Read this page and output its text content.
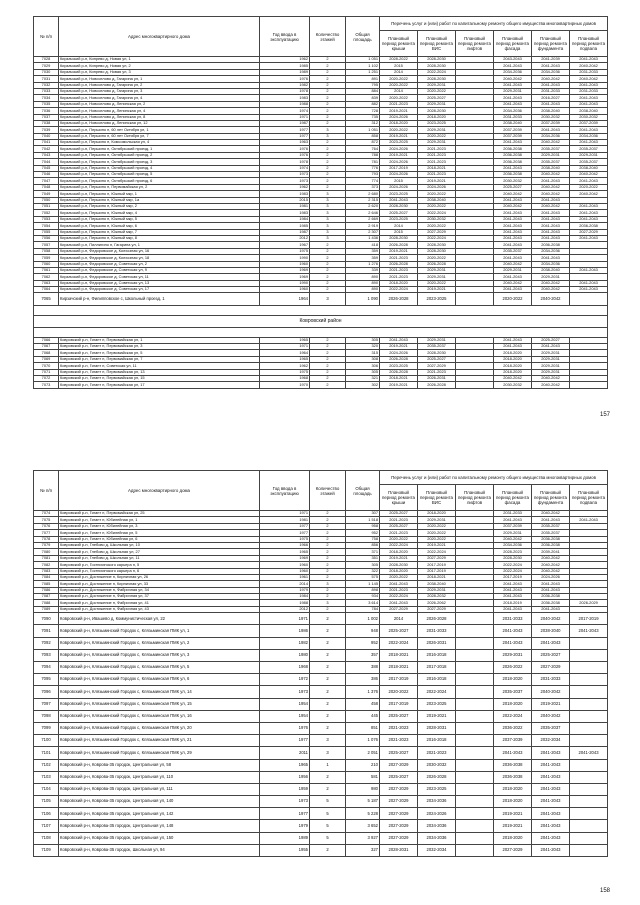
№ п/п	Адрес многоквартирного дома	Год ввода в эксплуатацию	Количество этажей	Общая площадь	Перечень услуг и (или) работ по капитальному ремонту общего имущества многоквартирных домов					
					Плановый период ремонта крыши	Плановый период ремонта ВИС	Плановый период ремонта лифтов	Плановый период ремонта фасада	Плановый период ремонта фундамента	Плановый период ремонта подвала
7028	Кирзачский р-н, Кипрево д, Новая ул, 1	1962	2	1 051	2028-2022	2028-2030		2043-2043	2041-2039	2041-2043
7029	Кирзачский р-н, Кипрево д, Новая ул, 2	1985	2	1 102	2015	2028-2030		2041-2043	2041-2043	2040-2042
7030	Кирзачский р-н, Кипрево д, Новая ул, 3	1989	2	1 251	2014	2022-2024		2034-2036	2034-2036	2031-2033
7031	Кирзачский р-н, Новоселово д, Гагарина ул, 1	1976	2	891	2020-2022	2028-2030		2040-2042	2040-2042	2040-2042
7032	Кирзачский р-н, Новоселово д, Гагарина ул, 2	1982	2	795	2020-2022	2029-2031		2041-2043	2041-2043	2041-2043
7033	Кирзачский р-н, Новоселово д, Гагарина ул, 3	1978	2	884	2014	2020-2022		2029-2031	2031-2033	2031-2033
7034	Кирзачский р-н, Новоселово д, Гагарина ул, 4	1983	2	839	2020-2022	2025-2027		2041-2043	2016-2027	2041-2043
7035	Кирзачский р-н, Новоселово д, Ленинская ул, 2	1988	2	882	2021-2023	2029-2031		2041-2043	2041-2043	2041-2043
7036	Кирзачский р-н, Новоселово д, Ленинская ул, 4	1974	2	728	2019-2021	2028-2030		2034-2036	2038-2040	2038-2040
7037	Кирзачский р-н, Новоселово д, Ленинская ул, 8	1971	2	735	2024-2026	2018-2020		2031-2033	2030-2032	2030-2032
7038	Кирзачский р-н, Новоселово д, Ленинская ул, 12	1987	2	312	2018-2020	2023-2025		2038-2040	2037-2039	2037-2039
7039	Кирзачский р-н, Першино п, 60 лет Октября ул, 1	1977	3	1 051	2020-2022	2029-2031		2037-2039	2041-2043	2041-2043
7040	Кирзачский р-н, Першино п, 60 лет Октября ул, 7	1977	3	858	2019-2021	2020-2022		2037-2039	2034-2036	2034-2036
7041	Кирзачский р-н, Першино п, Комсомольская ул, 4	1963	2	872	2023-2025	2029-2031		2041-2043	2040-2042	2041-2043
7042	Кирзачский р-н, Першино п, Октябрьский проезд, 1	1976	2	764	2024-2026	2021-2023		2036-2038	2035-2037	2035-2037
7043	Кирзачский р-н, Першино п, Октябрьский проезд, 2	1976	2	788	2019-2021	2021-2023		2036-2038	2029-2031	2029-2031
7044	Кирзачский р-н, Першино п, Октябрьский проезд, 3	1978	2	781	2024-2026	2021-2023		2036-2038	2035-2037	2035-2037
7045	Кирзачский р-н, Першино п, Октябрьский проезд, 4	1974	2	776	2017-2019	2018-2021		2041-2043	2038-2040	2038-2040
7046	Кирзачский р-н, Першино п, Октябрьский проезд, 5	1973	2	793	2024-2026	2021-2023		2036-2038	2040-2042	2040-2042
7047	Кирзачский р-н, Першино п, Октябрьский проезд, 6	1973	2	774	2015	2019-2021		2030-2032	2041-2043	2041-2043
7048	Кирзачский р-н, Першино п, Первомайская ул, 2	1962	2	373	2024-2026	2024-2026		2025-2027	2040-2042	2020-2022
7049	Кирзачский р-н, Першино п, Южный мкр, 1	1983	3	2 680	2023-2025	2020-2022		2040-2042	2040-2042	2040-2042
7050	Кирзачский р-н, Першино п, Южный мкр, 1а	2015	3	2 315	2041-2043	2038-2040		2041-2043	2041-2043	
7051	Кирзачский р-н, Першино п, Южный мкр, 2	1981	3	2 620	2028-2030	2020-2022		2040-2042	2040-2042	2041-2043
7052	Кирзачский р-н, Першино п, Южный мкр, 4	1983	3	2 646	2025-2027	2022-2024		2041-2043	2041-2043	2041-2043
7053	Кирзачский р-н, Першино п, Южный мкр, 5	1984	3	2 669	2023-2025	2030-2032		2041-2043	2041-2043	2041-2043
7054	Кирзачский р-н, Першино п, Южный мкр, 6	1985	3	2 919	2014	2020-2022		2041-2043	2041-2043	2036-2038
7055	Кирзачский р-н, Першино п, Южный мкр, 7	1987	3	2 307	2015	2027-2029		2041-2043	2041-2043	2027-2029
7056	Кирзачский р-н, Першино п, Южный мкр, 8	2012	3	1 436	2028-2030	2022-2024		2041-2043	2041-2043	2041-2043
7057	Кирзачский р-н, Пиллигино п, Гагарина ул, 1	1967	2	418	2026-2028	2028-2030		2041-2043	2036-2038	
7058	Кирзачский р-н, Федоровское д, Колхозная ул, 16	1975	2	359	2019-2021	2028-2030		2035-2037	2034-2036	
7059	Кирзачский р-н, Федоровское д, Колхозная ул, 18	1990	2	359	2021-2023	2020-2022		2041-2043	2041-2043	
7060	Кирзачский р-н, Федоровское д, Советская ул, 2	1960	2	1 276	2026-2028	2026-2028		2040-2042	2034-2036	
7061	Кирзачский р-н, Федоровское д, Советская ул, 9	1969	2	339	2021-2023	2029-2031		2029-2031	2038-2040	2041-2043
7062	Кирзачский р-н, Федоровское д, Советская ул, 11	1969	2	890	2021-2023	2029-2031		2041-2043	2029-2031	
7063	Кирзачский р-н, Федоровское д, Советская ул, 13	1990	2	890	2018-2020	2020-2022		2040-2042	2040-2042	2041-2043
7064	Кирзачский р-н, Федоровское д, Советская ул, 17	1960	2	890	2022-2024	2019-2021		2041-2043	2040-2042	2041-2043
7065	Кирзачский р-н, Филипповское с, Школьный проезд, 1	1964	3	1 090	2026-2028	2023-2025		2020-2022	2040-2042	

Ковровский район										

7066	Ковровский р-н, Гигант п, Первомайская ул, 1	1965	2	305	2041-2043	2029-2031		2041-2043	2025-2027	
7067	Ковровский р-н, Гигант п, Первомайская ул, 3	1971	2	320	2019-2021	2035-2037		2041-2043	2041-2043	
7068	Ковровский р-н, Гигант п, Первомайская ул, 5	1964	2	315	2024-2026	2028-2030		2018-2020	2029-2031	
7069	Ковровский р-н, Гигант п, Первомайская ул, 7	1965	2	308	2026-2028	2025-2027		2018-2020	2029-2031	
7070	Ковровский р-н, Гигант п, Советская ул, 11	1962	2	306	2023-2025	2027-2029		2018-2020	2029-2031	
7071	Ковровский р-н, Гигант п, Первомайская ул, 13	1975	2	305	2026-2028	2021-2023		2018-2020	2029-2031	
7072	Ковровский р-н, Гигант п, Первомайская ул, 15	1968	2	321	2018-2021	2026-2031		2040-2042	2040-2042	
7073	Ковровский р-н, Гигант п, Первомайская ул, 17	1970	2	302	2019-2021	2026-2028		2030-2032	2040-2042	
157
№ п/п	Адрес многоквартирного дома	Год ввода в эксплуатацию	Количество этажей	Общая площадь	Перечень услуг и (или) работ по капитальному ремонту общего имущества многоквартирных домов					
					Плановый период ремонта крыши	Плановый период ремонта ВИС	Плановый период ремонта лифтов	Плановый период ремонта фасада	Плановый период ремонта фундамента	Плановый период ремонта подвала
7074	Ковровский р-н, Гигант п, Первомайская ул, 25	1971	2	307	2025-2027	2018-2020		2031-2033	2040-2042	
7075	Ковровский р-н, Гигант п, Юбилейная ул, 1	1981	2	1 518	2021-2023	2029-2031		2041-2043	2041-2043	2041-2043
7076	Ковровский р-н, Гигант п, Юбилейная ул, 3	1977	2	958	2025-2027	2020-2022		2037-2039	2035-2037	
7077	Ковровский р-н, Гигант п, Юбилейная ул, 5	1977	2	952	2021-2023	2020-2022		2029-2031	2035-2037	
7078	Ковровский р-н, Гигант п, Юбилейная ул, 6	1975	2	758	2020-2022	2020-2022		2040-2042	2036-2038	
7079	Ковровский р-н, Глебово д, Школьная ул, 10	1966	2	856	2022-2024	2019-2021		2034-2036	2036-2038	
7080	Ковровский р-н, Глебово д, Школьная ул, 27	1965	2	371	2018-2020	2022-2024		2028-2023	2039-2041	
7081	Ковровский р-н, Глебово д, Школьная ул, 11	1969	2	351	2019-2021	2027-2029		2028-2030	2040-2042	
7082	Ковровский р-н, Гостюхинского карьера п, 5	1960	2	305	2028-2030	2017-2019		2022-2024	2040-2042	
7083	Ковровский р-н, Гостюхинского карьера п, 6	1960	2	322	2018-2020	2017-2019		2022-2024	2040-2042	
7084	Ковровский р-н, Достижение п, Кирпичная ул, 26	1961	2	575	2020-2022	2018-2021		2017-2019	2024-2026	
7085	Ковровский р-н, Достижение п, Кирпичная ул, 33	2014	3	1 145	2041-2043	2038-2040		2041-2043	2041-2043	
7086	Ковровский р-н, Достижение п, Фабричная ул, 34	1979	2	898	2021-2023	2029-2031		2041-2043	2041-2043	
7087	Ковровский р-н, Достижение п, Фабричная ул, 37	1984	2	934	2022-2024	2028-2032		2041-2043	2036-2038	
7088	Ковровский р-н, Достижение п, Фабричная ул, 41	1988	3	3 614	2041-2043	2026-2062		2018-2019	2036-2038	2026-2029
7089	Ковровский р-н, Достижение п, Фабричная ул, 43	2012	2	784	2027-2029	2027-2029		2041-2043	2041-2043	
7090	Ковровский р-н, Ивашево д, Коммунистическая ул, 22	1971	2	1 002	2014	2026-2028		2031-2033	2040-2042	2017-2019
7091	Ковровский р-н, Клязьминский Городок с, Клязьминская ПМК ул, 1	1986	2	948	2025-2027	2031-2033		2041-2043	2038-2040	2041-2043
7092	Ковровский р-н, Клязьминский Городок с, Клязьминская ПМК ул, 2	1982	2	952	2022-2024	2026-2031		2041-2043	2041-2043	
7093	Ковровский р-н, Клязьминский Городок с, Клязьминская ПМК ул, 3	1980	2	357	2018-2021	2016-2018		2029-2031	2025-2027	
7094	Ковровский р-н, Клязьминский Городок с, Клязьминская ПМК ул, 5	1968	2	388	2018-2021	2017-2018		2026-2022	2027-2029	
7095	Ковровский р-н, Клязьминский Городок с, Клязьминская ПМК ул, 6	1972	2	386	2017-2019	2016-2018		2018-2020	2031-2033	
7096	Ковровский р-н, Клязьминский Городок с, Клязьминская ПМК ул, 14	1973	2	1 376	2020-2022	2022-2024		2035-2037	2040-2042	
7097	Ковровский р-н, Клязьминский Городок с, Клязьминская ПМК ул, 15	1954	2	458	2017-2019	2023-2025		2018-2020	2019-2021	
7098	Ковровский р-н, Клязьминский Городок с, Клязьминская ПМК ул, 16	1954	2	445	2025-2027	2019-2021		2022-2024	2040-2042	
7099	Ковровский р-н, Клязьминский Городок с, Клязьминская ПМК ул, 20	1976	2	851	2021-2023	2028-2031		2036-2022	2035-2037	
7100	Ковровский р-н, Клязьминский Городок с, Клязьминская ПМК ул, 21	1977	3	1 076	2021-2023	2016-2018		2037-2039	2032-2034	
7101	Ковровский р-н, Клязьминский Городок с, Клязьминская ПМК ул, 29	2011	3	2 051	2025-2027	2021-2023		2041-2043	2041-2043	2041-2043
7102	Ковровский р-н, Коврова-35 городок, Центральная ул, 58	1965	1	210	2027-2029	2030-2032		2036-2038	2041-2043	
7103	Ковровский р-н, Коврова-35 городок, Центральная ул, 110	1956	2	581	2025-2027	2026-2028		2036-2038	2041-2043	
7104	Ковровский р-н, Коврова-35 городок, Центральная ул, 111	1959	2	980	2027-2029	2023-2025		2018-2020	2041-2043	
7105	Ковровский р-н, Коврова-35 городок, Центральная ул, 140	1973	5	5 187	2027-2029	2034-2036		2018-2020	2041-2043	
7106	Ковровский р-н, Коврова-35 городок, Центральная ул, 142	1977	5	5 228	2027-2029	2024-2026		2019-2021	2041-2043	
7107	Ковровский р-н, Коврова-35 городок, Центральная ул, 148	1979	5	3 652	2027-2029	2034-2036		2019-2021	2041-2043	
7108	Ковровский р-н, Коврова-35 городок, Центральная ул, 150	1989	5	3 927	2027-2029	2034-2036		2018-2020	2041-2043	
7109	Ковровский р-н, Коврова-35 городок, Школьная ул, 94	1955	2	327	2028-2031	2032-2034		2027-2029	2041-2043	
158
